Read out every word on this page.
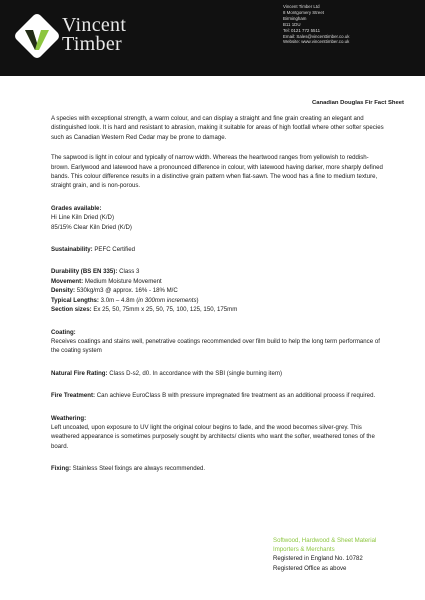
Vincent
Timber
Vincent Timber Ltd
8 Montgomery Street
Birmingham
B11 1DU
Tel: 0121 772 5511
Email: Sales@vincenttimber.co.uk
Website: www.vincenttimber.co.uk
Canadian Douglas Fir Fact Sheet

A species with exceptional strength, a warm colour, and can display a straight and fine grain creating an elegant and distinguished look. It is hard and resistant to abrasion, making it suitable for areas of high footfall where other softer species such as Canadian Western Red Cedar may be prone to damage.

The sapwood is light in colour and typically of narrow width. Whereas the heartwood ranges from yellowish to reddish-brown. Earlywood and latewood have a pronounced difference in colour, with latewood having darker, more sharply defined bands. This colour difference results in a distinctive grain pattern when flat-sawn. The wood has a fine to medium texture, straight grain, and is non-porous.

Grades available:

Hi Line Kiln Dried (K/D)

85/15% Clear Kiln Dried (K/D)

Sustainability: PEFC Certified

Durability (BS EN 335): Class 3

Movement: Medium Moisture Movement

Density: 530kg/m3 @ approx. 16% - 18% M/C

Typical Lengths: 3.0m – 4.8m (in 300mm increments)

Section sizes: Ex 25, 50, 75mm x 25, 50, 75, 100, 125, 150, 175mm

Coating:

Receives coatings and stains well, penetrative coatings recommended over film build to help the long term performance of the coating system

Natural Fire Rating: Class D-s2, d0. In accordance with the SBI (single burning item)

Fire Treatment: Can achieve EuroClass B with pressure impregnated fire treatment as an additional process if required.

Weathering:

Left uncoated, upon exposure to UV light the original colour begins to fade, and the wood becomes silver-grey. This weathered appearance is sometimes purposely sought by architects/ clients who want the softer, weathered tones of the board.

Fixing: Stainless Steel fixings are always recommended.

Softwood, Hardwood & Sheet Material
Importers & Merchants
Registered in England No. 10782
Registered Office as above
